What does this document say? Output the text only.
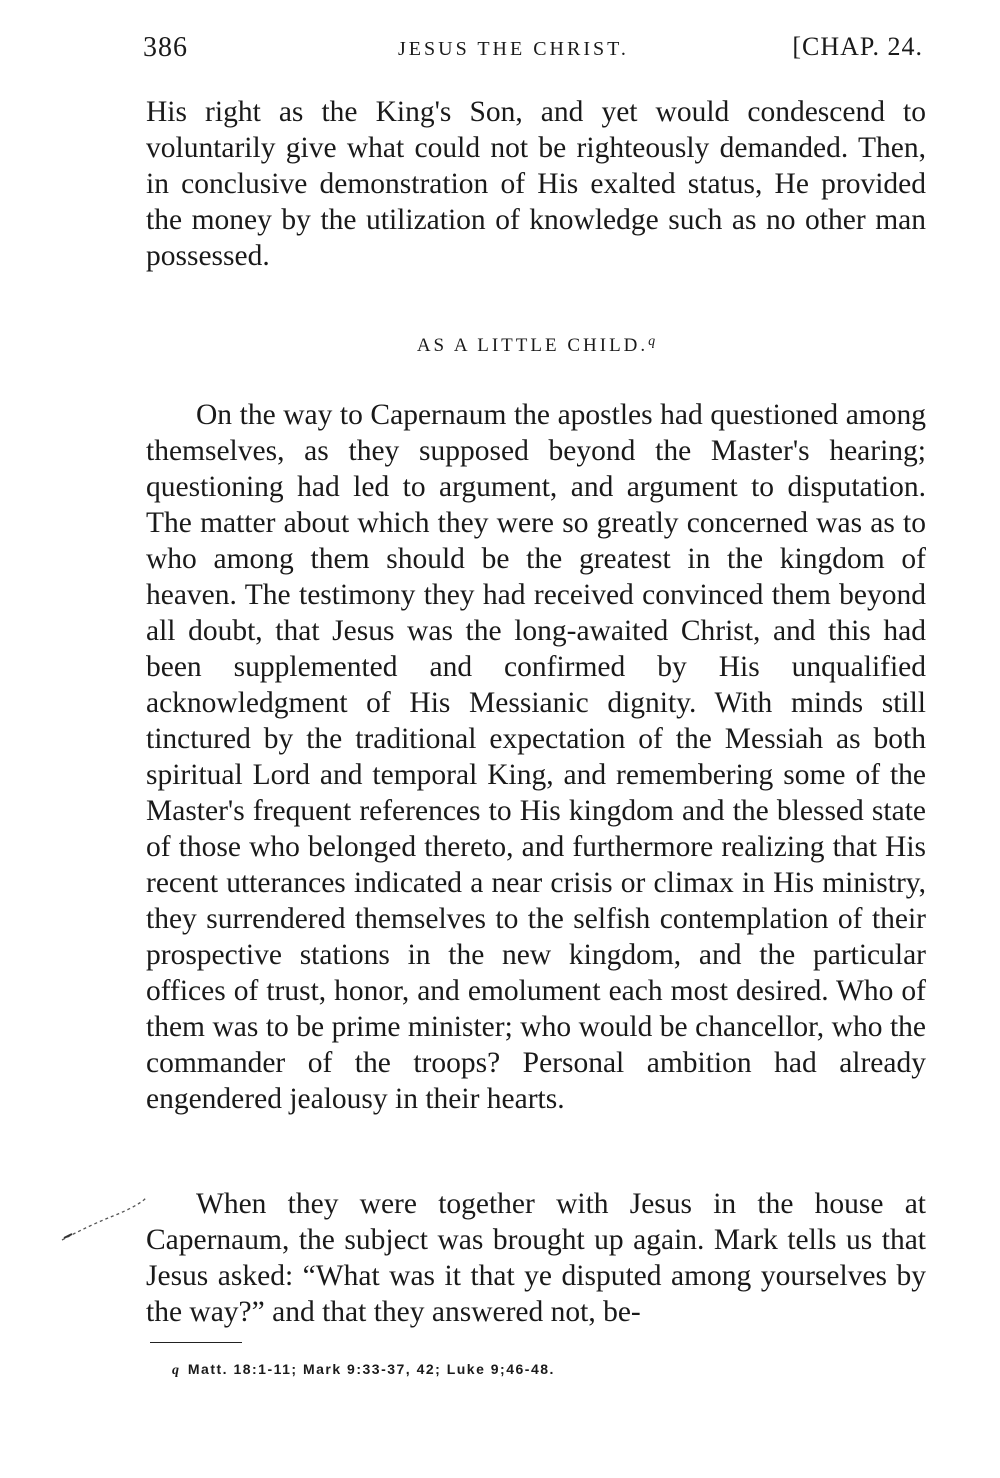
386	JESUS THE CHRIST.	[CHAP. 24.

His right as the King's Son, and yet would condescend to voluntarily give what could not be righteously demanded. Then, in conclusive demonstration of His exalted status, He provided the money by the utilization of knowledge such as no other man possessed.

AS A LITTLE CHILD.$^q$

On the way to Capernaum the apostles had questioned among themselves, as they supposed beyond the Master's hearing; questioning had led to argument, and argument to disputation. The matter about which they were so greatly concerned was as to who among them should be the greatest in the kingdom of heaven. The testimony they had received convinced them beyond all doubt, that Jesus was the long-awaited Christ, and this had been supplemented and confirmed by His unqualified acknowledgment of His Messianic dignity. With minds still tinctured by the traditional expectation of the Messiah as both spiritual Lord and temporal King, and remembering some of the Master's frequent references to His kingdom and the blessed state of those who belonged thereto, and furthermore realizing that His recent utterances indicated a near crisis or climax in His ministry, they surrendered themselves to the selfish contemplation of their prospective stations in the new kingdom, and the particular offices of trust, honor, and emolument each most desired. Who of them was to be prime minister; who would be chancellor, who the commander of the troops? Personal ambition had already engendered jealousy in their hearts.

When they were together with Jesus in the house at Capernaum, the subject was brought up again. Mark tells us that Jesus asked: “What was it that ye disputed among yourselves by the way?” and that they answered not, be-

q Matt. 18:1-11; Mark 9:33-37, 42; Luke 9;46-48.
